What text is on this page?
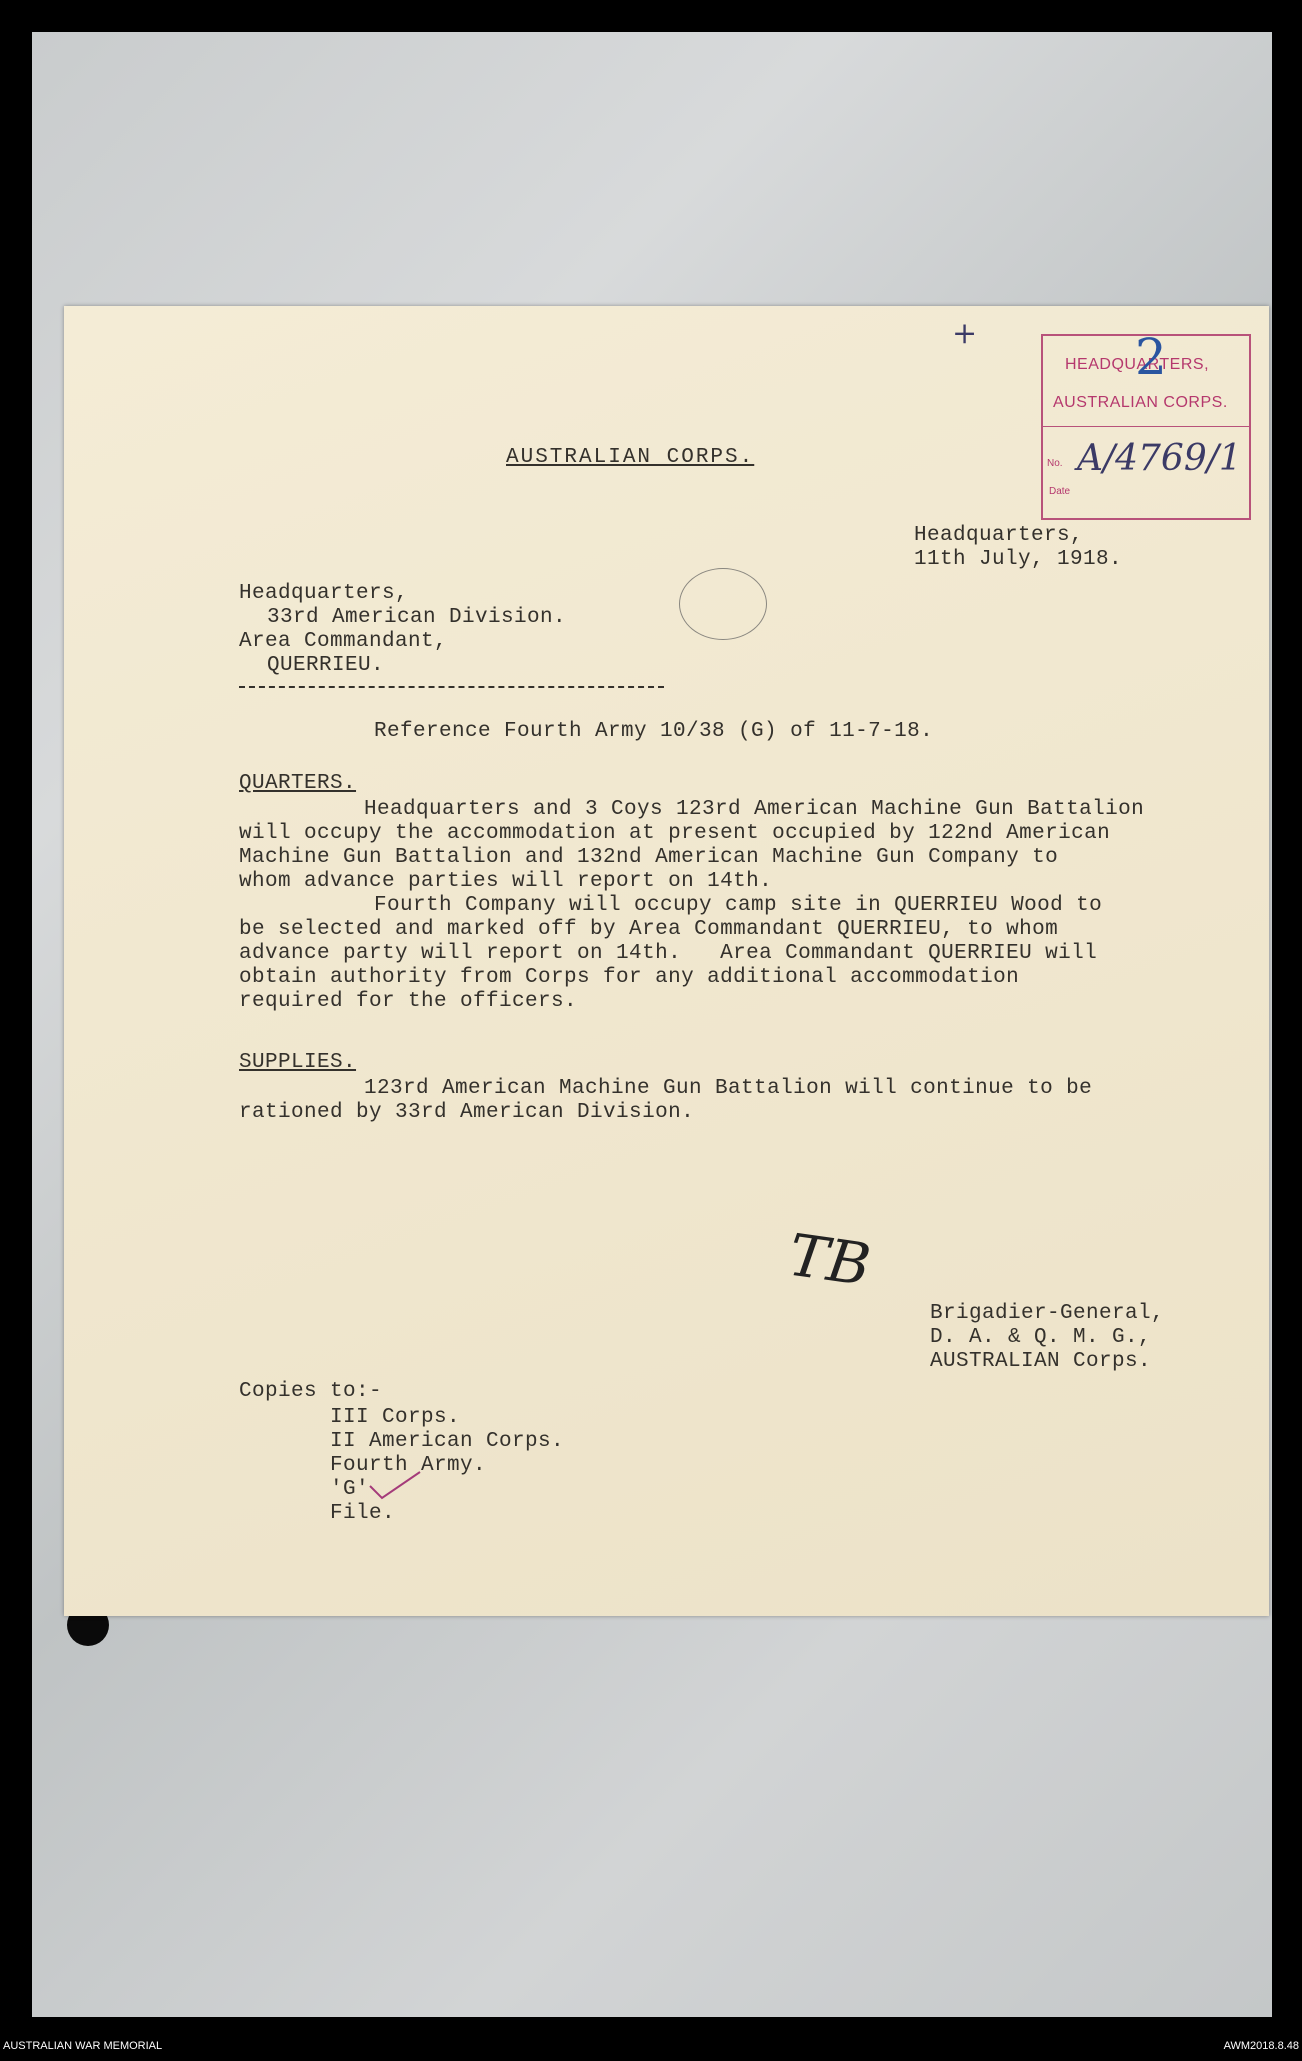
+
HEADQUARTERS,
AUSTRALIAN CORPS.
No.
Date
A/4769/1
2
AUSTRALIAN CORPS.
Headquarters,
11th July, 1918.
Headquarters,
33rd American Division.
Area Commandant,
QUERRIEU.
Reference Fourth Army 10/38 (G) of 11-7-18.
QUARTERS.
Headquarters and 3 Coys 123rd American Machine Gun Battalion
will occupy the accommodation at present occupied by 122nd American
Machine Gun Battalion and 132nd American Machine Gun Company to
whom advance parties will report on 14th.
Fourth Company will occupy camp site in QUERRIEU Wood to
be selected and marked off by Area Commandant QUERRIEU, to whom
advance party will report on 14th.   Area Commandant QUERRIEU will
obtain authority from Corps for any additional accommodation
required for the officers.
SUPPLIES.
123rd American Machine Gun Battalion will continue to be
rationed by 33rd American Division.
TB
Brigadier-General,
D. A. & Q. M. G.,
AUSTRALIAN Corps.
Copies to:-
III Corps.
II American Corps.
Fourth Army.
'G'
File.
AUSTRALIAN WAR MEMORIAL	AWM2018.8.48
